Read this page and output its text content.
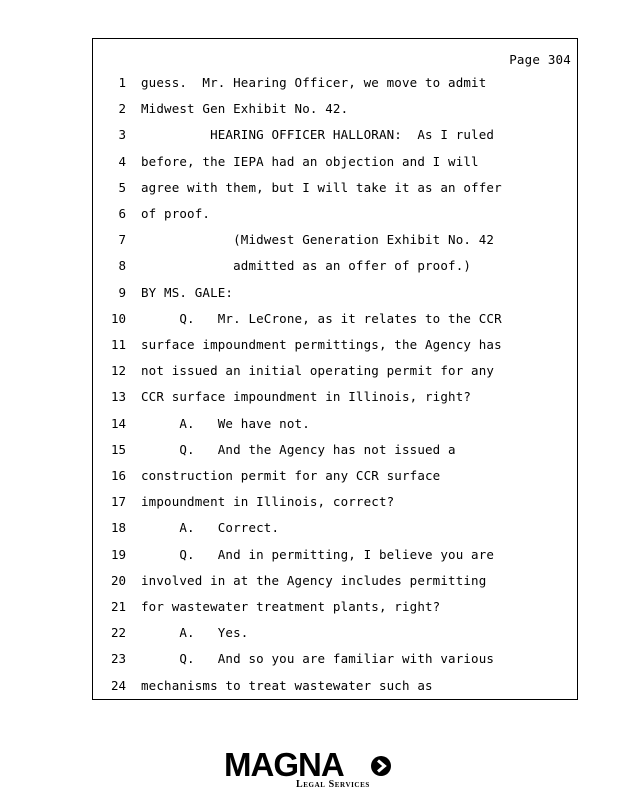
Page 304
1 guess.  Mr. Hearing Officer, we move to admit
2 Midwest Gen Exhibit No. 42.
3 HEARING OFFICER HALLORAN:  As I ruled
4 before, the IEPA had an objection and I will
5 agree with them, but I will take it as an offer
6 of proof.
7 (Midwest Generation Exhibit No. 42
8 admitted as an offer of proof.)
9 BY MS. GALE:
10 Q.   Mr. LeCrone, as it relates to the CCR
11 surface impoundment permittings, the Agency has
12 not issued an initial operating permit for any
13 CCR surface impoundment in Illinois, right?
14 A.   We have not.
15 Q.   And the Agency has not issued a
16 construction permit for any CCR surface
17 impoundment in Illinois, correct?
18 A.   Correct.
19 Q.   And in permitting, I believe you are
20 involved in at the Agency includes permitting
21 for wastewater treatment plants, right?
22 A.   Yes.
23 Q.   And so you are familiar with various
24 mechanisms to treat wastewater such as
MAGNA
Legal Services
